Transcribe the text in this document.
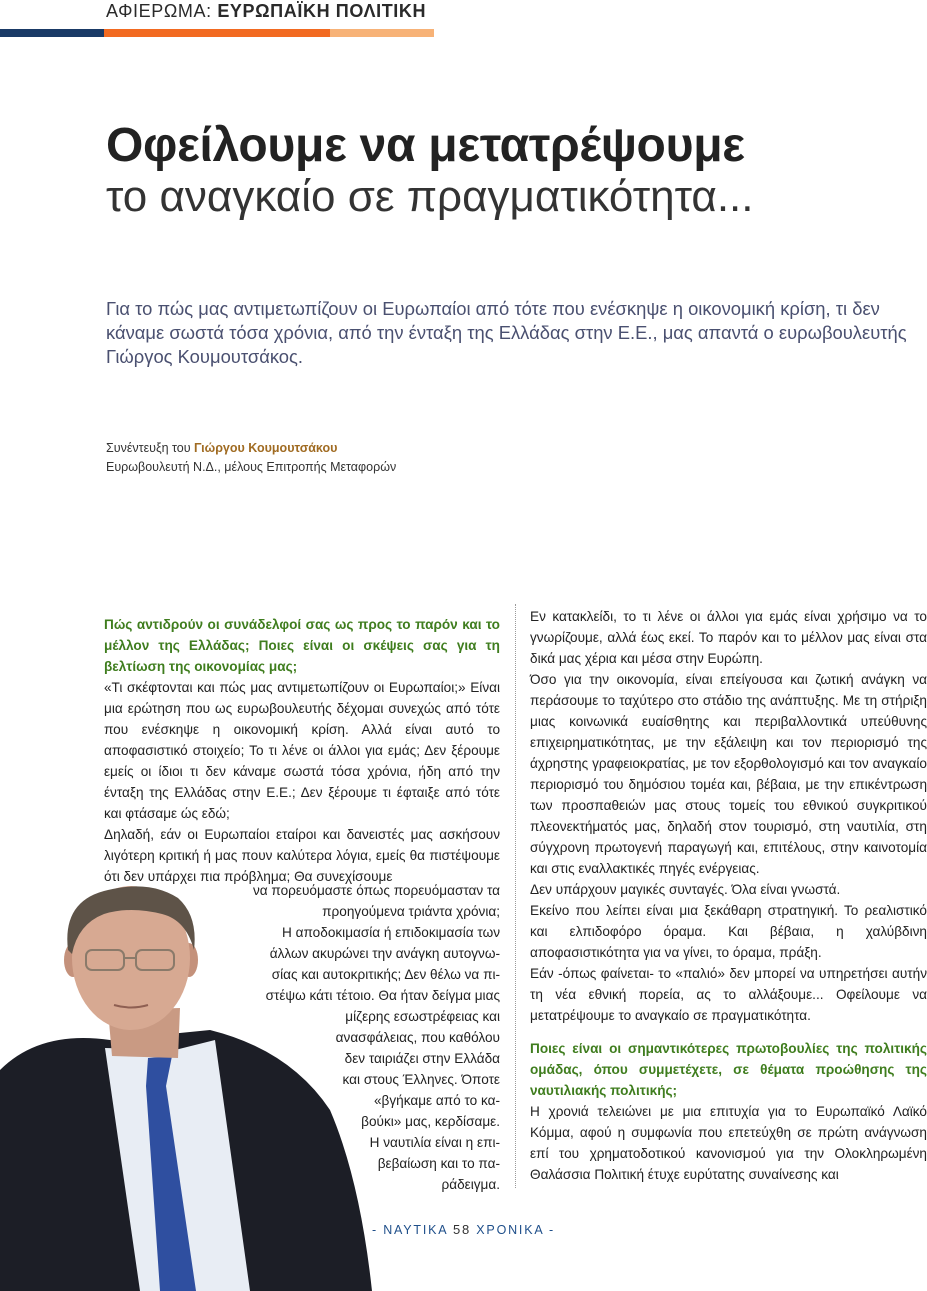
ΑΦΙΕΡΩΜΑ: ΕΥΡΩΠΑΪΚΗ ΠΟΛΙΤΙΚΗ
Οφείλουμε να μετατρέψουμε
το αναγκαίο σε πραγματικότητα...
Για το πώς μας αντιμετωπίζουν οι Ευρωπαίοι από τότε που ενέσκηψε η οικονομική κρίση, τι δεν κάναμε σωστά τόσα χρόνια, από την ένταξη της Ελλάδας στην Ε.Ε., μας απαντά ο ευρωβουλευτής Γιώργος Κουμουτσάκος.
Συνέντευξη του Γιώργου Κουμουτσάκου
Ευρωβουλευτή Ν.Δ., μέλους Επιτροπής Μεταφορών

Πώς αντιδρούν οι συνάδελφοί σας ως προς το παρόν και το μέλλον της Ελλάδας; Ποιες είναι οι σκέψεις σας για τη βελτίωση της οικονομίας μας;

«Τι σκέφτονται και πώς μας αντιμετωπίζουν οι Ευρωπαίοι;» Είναι μια ερώτηση που ως ευρωβουλευτής δέχομαι συνεχώς από τότε που ενέσκηψε η οικονομική κρίση. Αλλά είναι αυτό το αποφασιστικό στοιχείο; Το τι λένε οι άλλοι για εμάς; Δεν ξέρουμε εμείς οι ίδιοι τι δεν κάναμε σωστά τόσα χρόνια, ήδη από την ένταξη της Ελλάδας στην Ε.Ε.; Δεν ξέρουμε τι έφταιξε από τότε και φτάσαμε ώς εδώ;

Δηλαδή, εάν οι Ευρωπαίοι εταίροι και δανειστές μας ασκήσουν λιγότερη κριτική ή μας πουν καλύτερα λόγια, εμείς θα πιστέψουμε ότι δεν υπάρχει πια πρόβλημα; Θα συνεχίσουμε

να πορευόμαστε όπως πορευόμασταν τα
προηγούμενα τριάντα χρόνια;
Η αποδοκιμασία ή επιδοκιμασία των
άλλων ακυρώνει την ανάγκη αυτογνω-
σίας και αυτοκριτικής; Δεν θέλω να πι-
στέψω κάτι τέτοιο. Θα ήταν δείγμα μιας
μίζερης εσωστρέφειας και
ανασφάλειας, που καθόλου
δεν ταιριάζει στην Ελλάδα
και στους Έλληνες. Όποτε
«βγήκαμε από το κα-
βούκι» μας, κερδίσαμε.
Η ναυτιλία είναι η επι-
βεβαίωση και το πα-
ράδειγμα.

Εν κατακλείδι, το τι λένε οι άλλοι για εμάς είναι χρήσιμο να το γνωρίζουμε, αλλά έως εκεί. Το παρόν και το μέλλον μας είναι στα δικά μας χέρια και μέσα στην Ευρώπη.

Όσο για την οικονομία, είναι επείγουσα και ζωτική ανάγκη να περάσουμε το ταχύτερο στο στάδιο της ανάπτυξης. Με τη στήριξη μιας κοινωνικά ευαίσθητης και περιβαλλοντικά υπεύθυνης επιχειρηματικότητας, με την εξάλειψη και τον περιορισμό της άχρηστης γραφειοκρατίας, με τον εξορθολογισμό και τον αναγκαίο περιορισμό του δημόσιου τομέα και, βέβαια, με την επικέντρωση των προσπαθειών μας στους τομείς του εθνικού συγκριτικού πλεονεκτήματός μας, δηλαδή στον τουρισμό, στη ναυτιλία, στη σύγχρονη πρωτογενή παραγωγή και, επιτέλους, στην καινοτομία και στις εναλλακτικές πηγές ενέργειας.

Δεν υπάρχουν μαγικές συνταγές. Όλα είναι γνωστά.

Εκείνο που λείπει είναι μια ξεκάθαρη στρατηγική. Το ρεαλιστικό και ελπιδοφόρο όραμα. Και βέβαια, η χαλύβδινη αποφασιστικότητα για να γίνει, το όραμα, πράξη.

Εάν -όπως φαίνεται- το «παλιό» δεν μπορεί να υπηρετήσει αυτήν τη νέα εθνική πορεία, ας το αλλάξουμε... Οφείλουμε να μετατρέψουμε το αναγκαίο σε πραγματικότητα.

Ποιες είναι οι σημαντικότερες πρωτοβουλίες της πολιτικής ομάδας, όπου συμμετέχετε, σε θέματα προώθησης της ναυτιλιακής πολιτικής;

Η χρονιά τελειώνει με μια επιτυχία για το Ευρωπαϊκό Λαϊκό Κόμμα, αφού η συμφωνία που επετεύχθη σε πρώτη ανάγνωση επί του χρηματοδοτικού κανονισμού για την Ολοκληρωμένη Θαλάσσια Πολιτική έτυχε ευρύτατης συναίνεσης και

- ΝΑΥΤΙΚΑ 58 ΧΡΟΝΙΚΑ -
